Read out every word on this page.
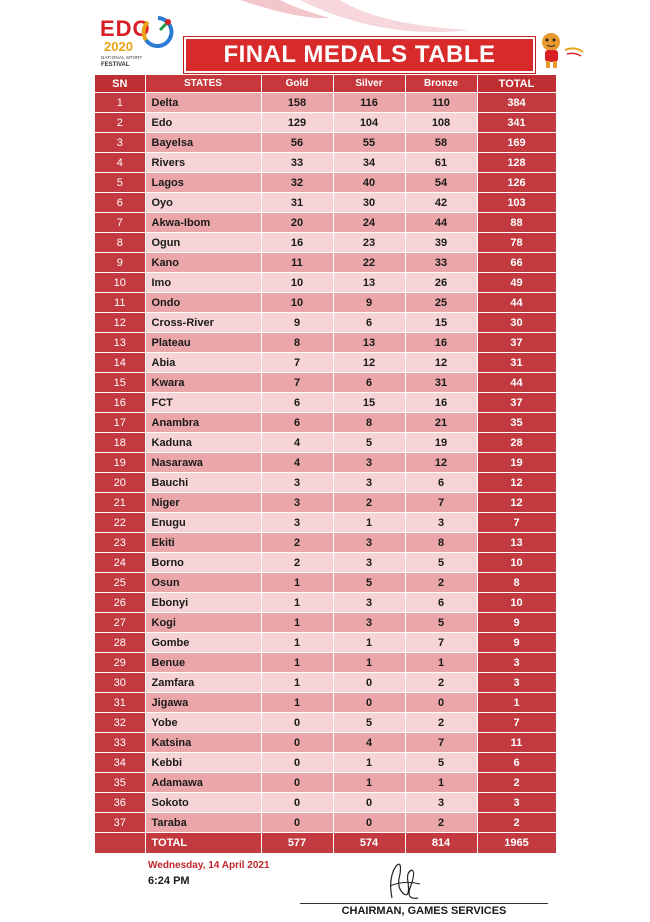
EDO
2020
NATIONAL SPORT
FESTIVAL	FINAL MEDALS TABLE
SN	STATES	Gold	Silver	Bronze	TOTAL
1	Delta	158	116	110	384
2	Edo	129	104	108	341
3	Bayelsa	56	55	58	169
4	Rivers	33	34	61	128
5	Lagos	32	40	54	126
6	Oyo	31	30	42	103
7	Akwa-Ibom	20	24	44	88
8	Ogun	16	23	39	78
9	Kano	11	22	33	66
10	Imo	10	13	26	49
11	Ondo	10	9	25	44
12	Cross-River	9	6	15	30
13	Plateau	8	13	16	37
14	Abia	7	12	12	31
15	Kwara	7	6	31	44
16	FCT	6	15	16	37
17	Anambra	6	8	21	35
18	Kaduna	4	5	19	28
19	Nasarawa	4	3	12	19
20	Bauchi	3	3	6	12
21	Niger	3	2	7	12
22	Enugu	3	1	3	7
23	Ekiti	2	3	8	13
24	Borno	2	3	5	10
25	Osun	1	5	2	8
26	Ebonyi	1	3	6	10
27	Kogi	1	3	5	9
28	Gombe	1	1	7	9
29	Benue	1	1	1	3
30	Zamfara	1	0	2	3
31	Jigawa	1	0	0	1
32	Yobe	0	5	2	7
33	Katsina	0	4	7	11
34	Kebbi	0	1	5	6
35	Adamawa	0	1	1	2
36	Sokoto	0	0	3	3
37	Taraba	0	0	2	2
	TOTAL	577	574	814	1965
Wednesday, 14 April 2021
6:24 PM
CHAIRMAN, GAMES SERVICES
